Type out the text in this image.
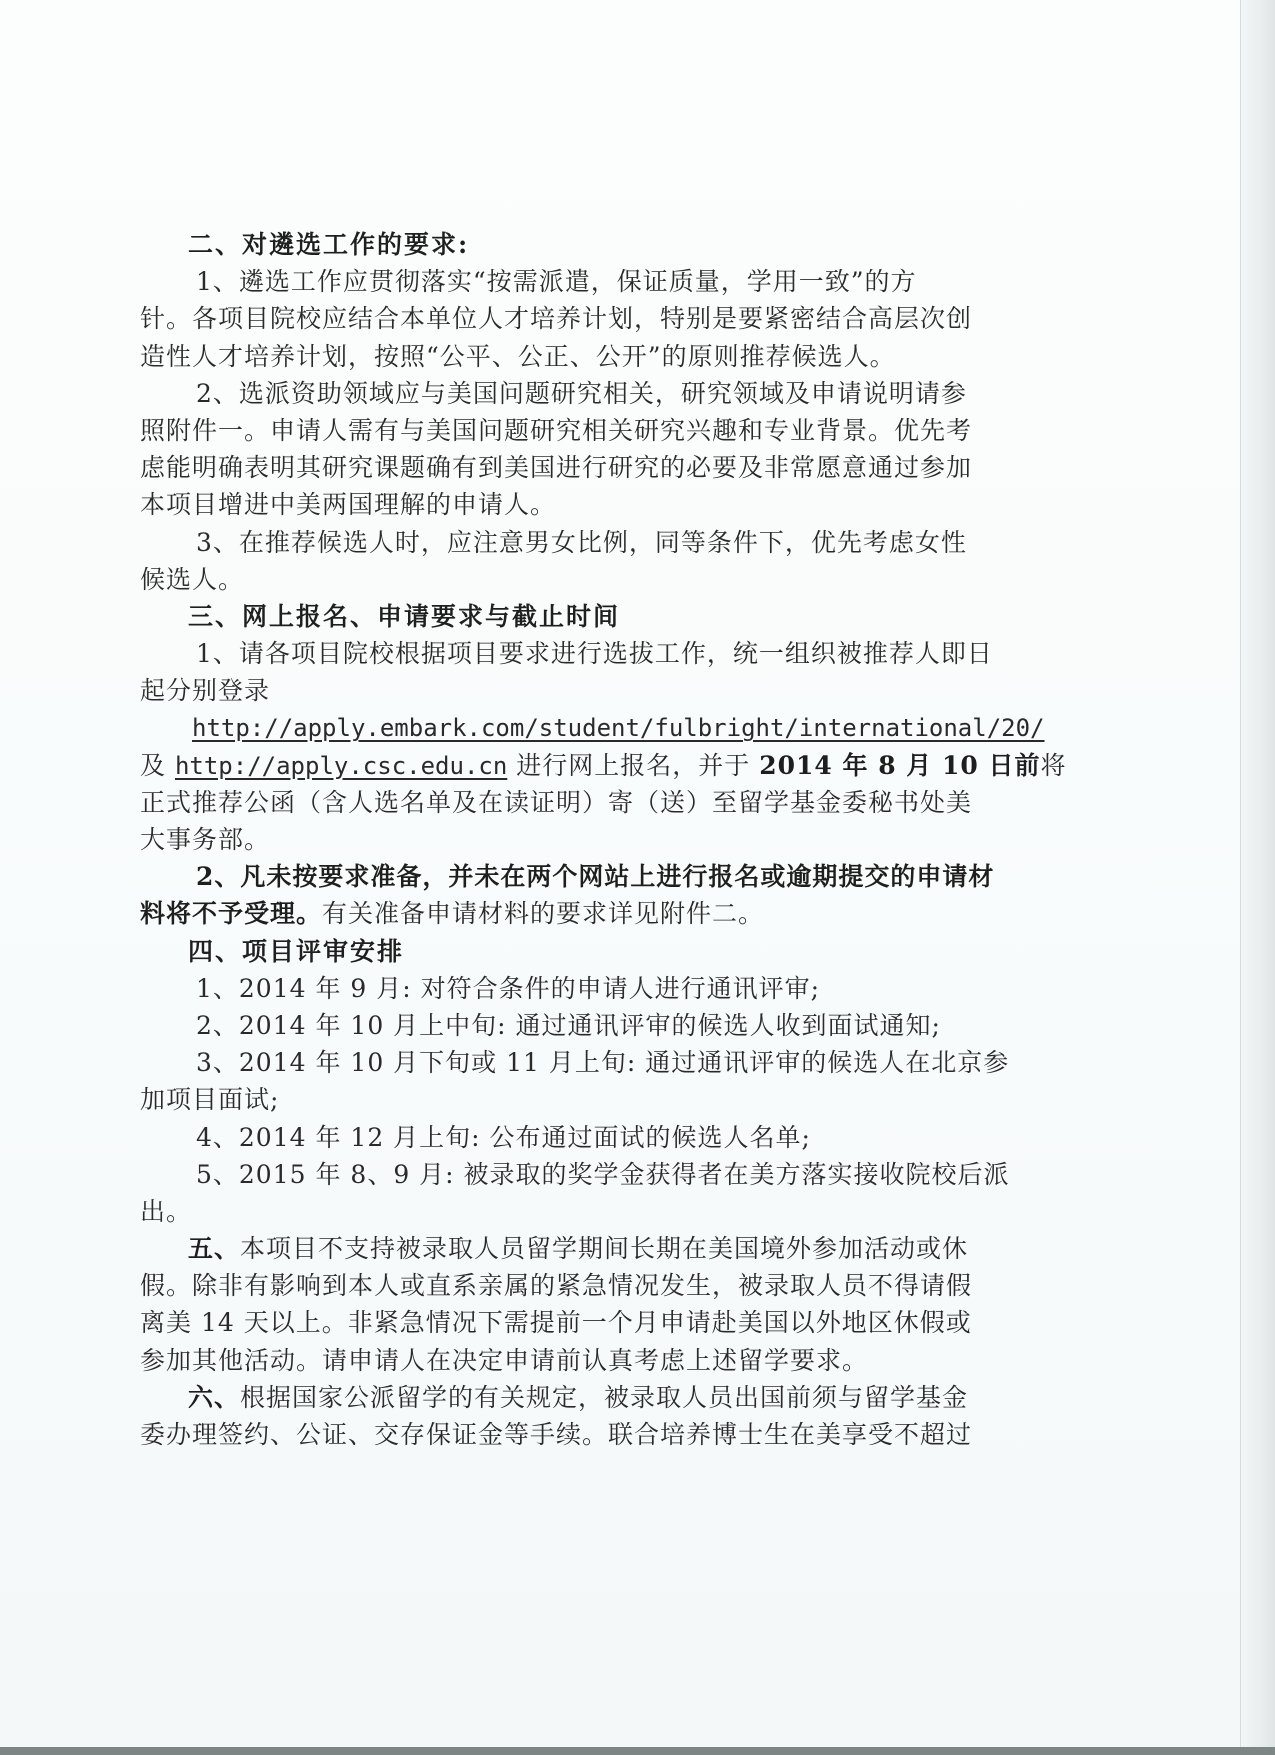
二、对遴选工作的要求:
1、遴选工作应贯彻落实“按需派遣，保证质量，学用一致”的方
针。各项目院校应结合本单位人才培养计划，特别是要紧密结合高层次创
造性人才培养计划，按照“公平、公正、公开”的原则推荐候选人。
2、选派资助领域应与美国问题研究相关，研究领域及申请说明请参
照附件一。申请人需有与美国问题研究相关研究兴趣和专业背景。优先考
虑能明确表明其研究课题确有到美国进行研究的必要及非常愿意通过参加
本项目增进中美两国理解的申请人。
3、在推荐候选人时，应注意男女比例，同等条件下，优先考虑女性
候选人。
三、网上报名、申请要求与截止时间
1、请各项目院校根据项目要求进行选拔工作，统一组织被推荐人即日
起分别登录
http://apply.embark.com/student/fulbright/international/20/
及 http://apply.csc.edu.cn 进行网上报名，并于 2014 年 8 月 10 日前将
正式推荐公函（含人选名单及在读证明）寄（送）至留学基金委秘书处美
大事务部。
2、凡未按要求准备，并未在两个网站上进行报名或逾期提交的申请材
料将不予受理。有关准备申请材料的要求详见附件二。
四、项目评审安排
1、2014 年 9 月: 对符合条件的申请人进行通讯评审;
2、2014 年 10 月上中旬: 通过通讯评审的候选人收到面试通知;
3、2014 年 10 月下旬或 11 月上旬: 通过通讯评审的候选人在北京参
加项目面试;
4、2014 年 12 月上旬: 公布通过面试的候选人名单;
5、2015 年 8、9 月: 被录取的奖学金获得者在美方落实接收院校后派
出。
五、本项目不支持被录取人员留学期间长期在美国境外参加活动或休
假。除非有影响到本人或直系亲属的紧急情况发生，被录取人员不得请假
离美 14 天以上。非紧急情况下需提前一个月申请赴美国以外地区休假或
参加其他活动。请申请人在决定申请前认真考虑上述留学要求。
六、根据国家公派留学的有关规定，被录取人员出国前须与留学基金
委办理签约、公证、交存保证金等手续。联合培养博士生在美享受不超过
